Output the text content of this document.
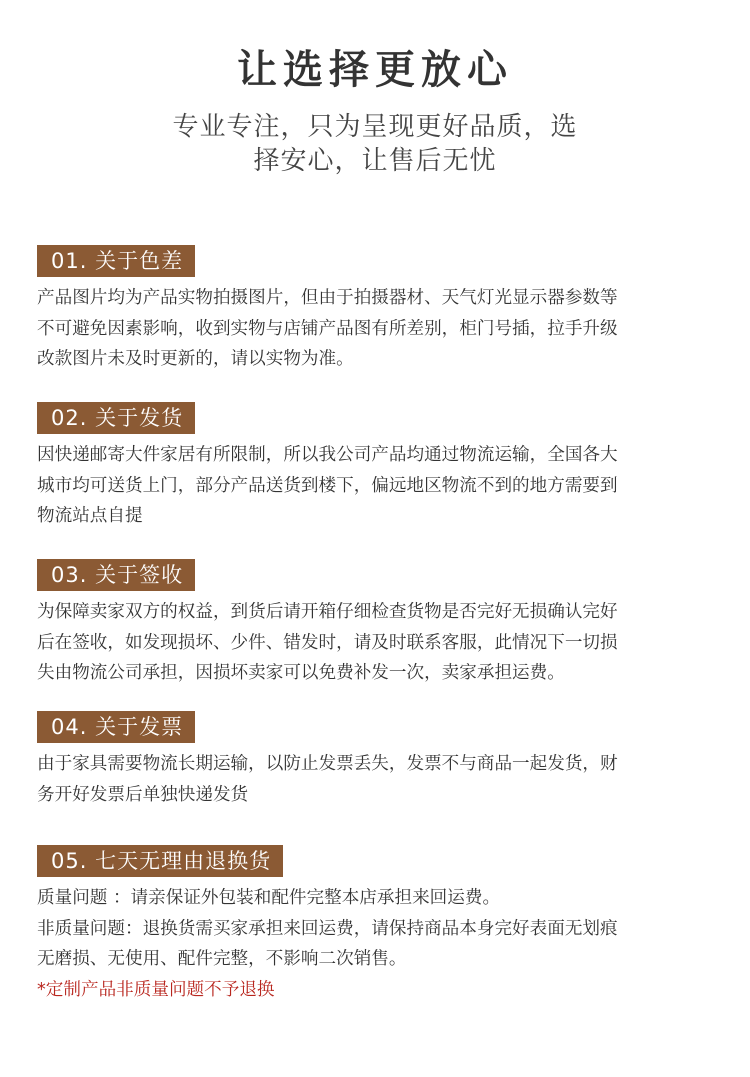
让选择更放心
专业专注，只为呈现更好品质，选
择安心，让售后无忧
01. 关于色差

产品图片均为产品实物拍摄图片，但由于拍摄器材、天气灯光显示器参数等

不可避免因素影响，收到实物与店铺产品图有所差别，柜门号插，拉手升级

改款图片未及时更新的，请以实物为准。

02. 关于发货

因快递邮寄大件家居有所限制，所以我公司产品均通过物流运输，全国各大

城市均可送货上门，部分产品送货到楼下，偏远地区物流不到的地方需要到

物流站点自提

03. 关于签收

为保障卖家双方的权益，到货后请开箱仔细检查货物是否完好无损确认完好

后在签收，如发现损坏、少件、错发时，请及时联系客服，此情况下一切损

失由物流公司承担，因损坏卖家可以免费补发一次，卖家承担运费。

04. 关于发票

由于家具需要物流长期运输，以防止发票丢失，发票不与商品一起发货，财

务开好发票后单独快递发货

05. 七天无理由退换货

质量问题 ：请亲保证外包装和配件完整本店承担来回运费。

非质量问题：退换货需买家承担来回运费，请保持商品本身完好表面无划痕

无磨损、无使用、配件完整，不影响二次销售。

*定制产品非质量问题不予退换
